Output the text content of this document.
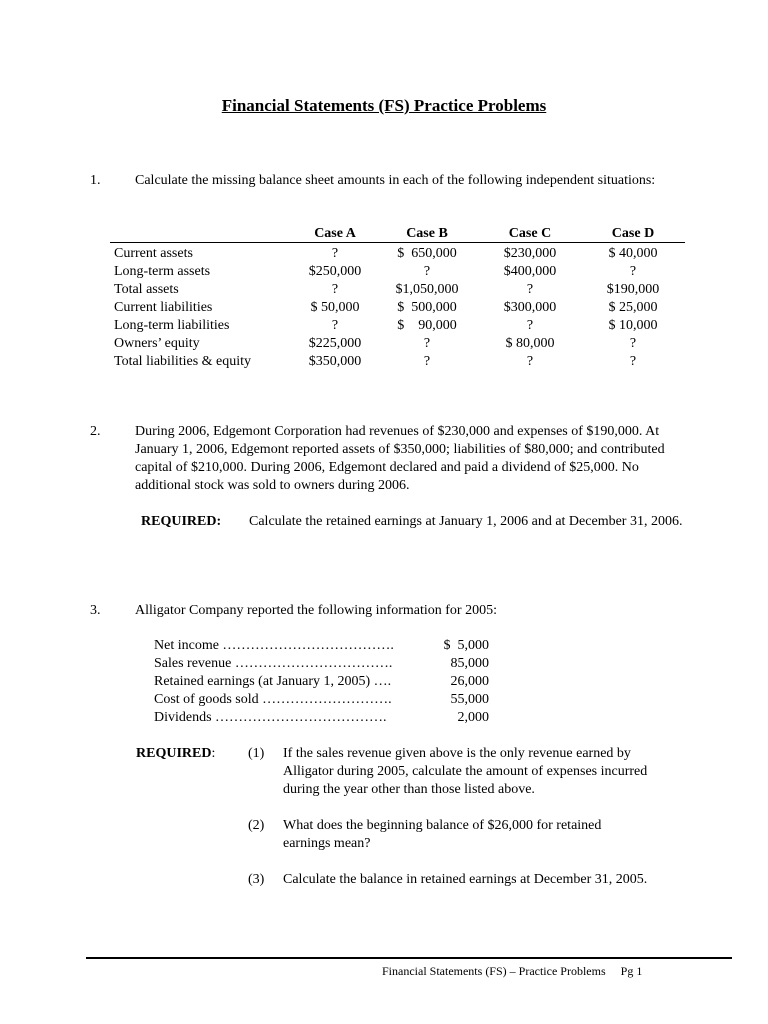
Financial Statements (FS) Practice Problems
1. Calculate the missing balance sheet amounts in each of the following independent situations:
Case A	Case B	Case C	Case D
Current assets	?	$  650,000	$230,000	$ 40,000
Long-term assets	$250,000	?	$400,000	?
Total assets	?	$1,050,000	?	$190,000
Current liabilities	$ 50,000	$  500,000	$300,000	$ 25,000
Long-term liabilities	?	$    90,000	?	$ 10,000
Owners’ equity	$225,000	?	$ 80,000	?
Total liabilities & equity	$350,000	?	?	?
2. During 2006, Edgemont Corporation had revenues of $230,000 and expenses of $190,000. At January 1, 2006, Edgemont reported assets of $350,000; liabilities of $80,000; and contributed capital of $210,000. During 2006, Edgemont declared and paid a dividend of $25,000. No additional stock was sold to owners during 2006.
REQUIRED: Calculate the retained earnings at January 1, 2006 and at December 31, 2006.
3. Alligator Company reported the following information for 2005:
Net income ……………………………….	$  5,000
Sales revenue …………………………….	85,000
Retained earnings (at January 1, 2005) ….	26,000
Cost of goods sold ……………………….	55,000
Dividends ……………………………….	2,000
REQUIRED: (1) If the sales revenue given above is the only revenue earned by Alligator during 2005, calculate the amount of expenses incurred during the year other than those listed above.
(2) What does the beginning balance of $26,000 for retained earnings mean?
(3) Calculate the balance in retained earnings at December 31, 2005.
Financial Statements (FS) – Practice Problems Pg 1
